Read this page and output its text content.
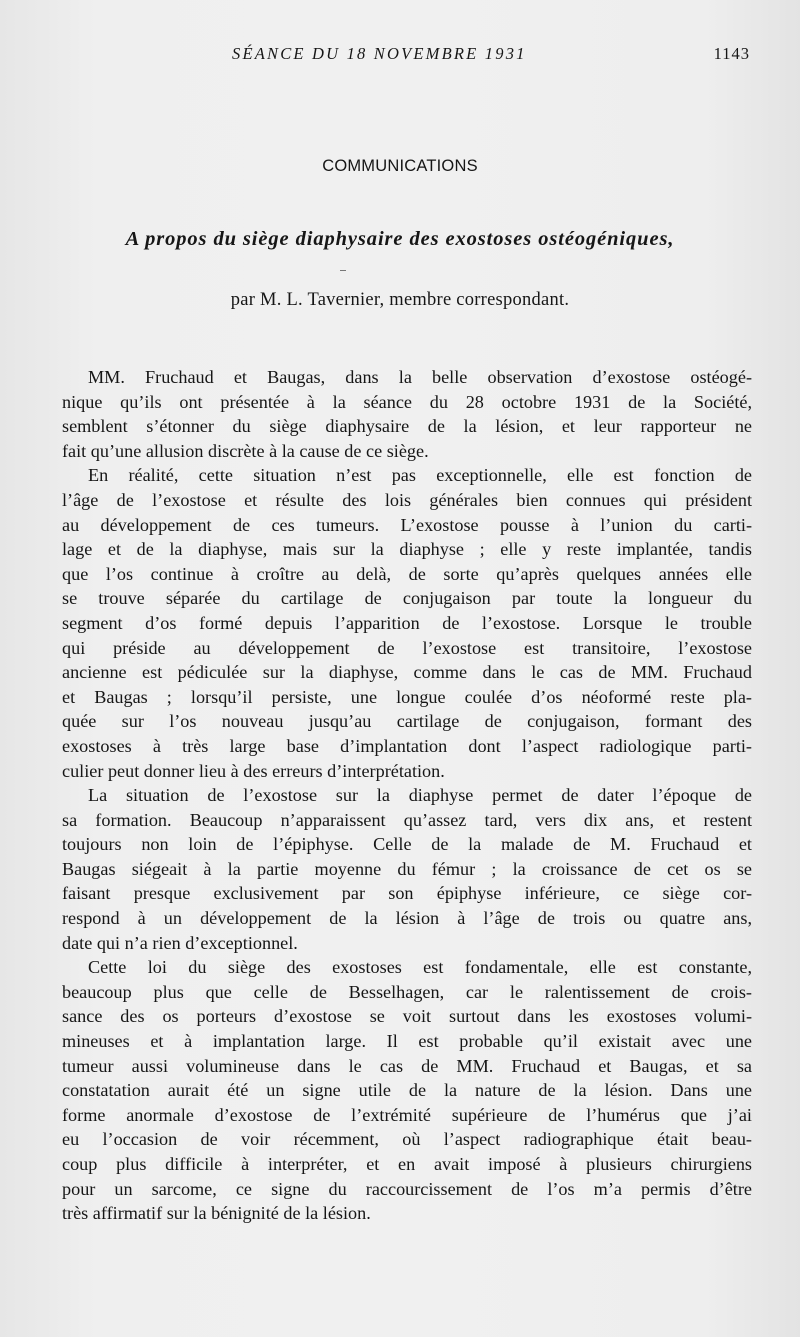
SÉANCE DU 18 NOVEMBRE 1931	1143
COMMUNICATIONS
A propos du siège diaphysaire des exostoses ostéogéniques,
par M. L. Tavernier, membre correspondant.
MM. Fruchaud et Baugas, dans la belle observation d’exostose ostéogé-
nique qu’ils ont présentée à la séance du 28 octobre 1931 de la Société,
semblent s’étonner du siège diaphysaire de la lésion, et leur rapporteur ne
fait qu’une allusion discrète à la cause de ce siège.
En réalité, cette situation n’est pas exceptionnelle, elle est fonction de
l’âge de l’exostose et résulte des lois générales bien connues qui président
au développement de ces tumeurs. L’exostose pousse à l’union du carti-
lage et de la diaphyse, mais sur la diaphyse ; elle y reste implantée, tandis
que l’os continue à croître au delà, de sorte qu’après quelques années elle
se trouve séparée du cartilage de conjugaison par toute la longueur du
segment d’os formé depuis l’apparition de l’exostose. Lorsque le trouble
qui préside au développement de l’exostose est transitoire, l’exostose
ancienne est pédiculée sur la diaphyse, comme dans le cas de MM. Fruchaud
et Baugas ; lorsqu’il persiste, une longue coulée d’os néoformé reste pla-
quée sur l’os nouveau jusqu’au cartilage de conjugaison, formant des
exostoses à très large base d’implantation dont l’aspect radiologique parti-
culier peut donner lieu à des erreurs d’interprétation.
La situation de l’exostose sur la diaphyse permet de dater l’époque de
sa formation. Beaucoup n’apparaissent qu’assez tard, vers dix ans, et restent
toujours non loin de l’épiphyse. Celle de la malade de M. Fruchaud et
Baugas siégeait à la partie moyenne du fémur ; la croissance de cet os se
faisant presque exclusivement par son épiphyse inférieure, ce siège cor-
respond à un développement de la lésion à l’âge de trois ou quatre ans,
date qui n’a rien d’exceptionnel.
Cette loi du siège des exostoses est fondamentale, elle est constante,
beaucoup plus que celle de Besselhagen, car le ralentissement de crois-
sance des os porteurs d’exostose se voit surtout dans les exostoses volumi-
mineuses et à implantation large. Il est probable qu’il existait avec une
tumeur aussi volumineuse dans le cas de MM. Fruchaud et Baugas, et sa
constatation aurait été un signe utile de la nature de la lésion. Dans une
forme anormale d’exostose de l’extrémité supérieure de l’humérus que j’ai
eu l’occasion de voir récemment, où l’aspect radiographique était beau-
coup plus difficile à interpréter, et en avait imposé à plusieurs chirurgiens
pour un sarcome, ce signe du raccourcissement de l’os m’a permis d’être
très affirmatif sur la bénignité de la lésion.
